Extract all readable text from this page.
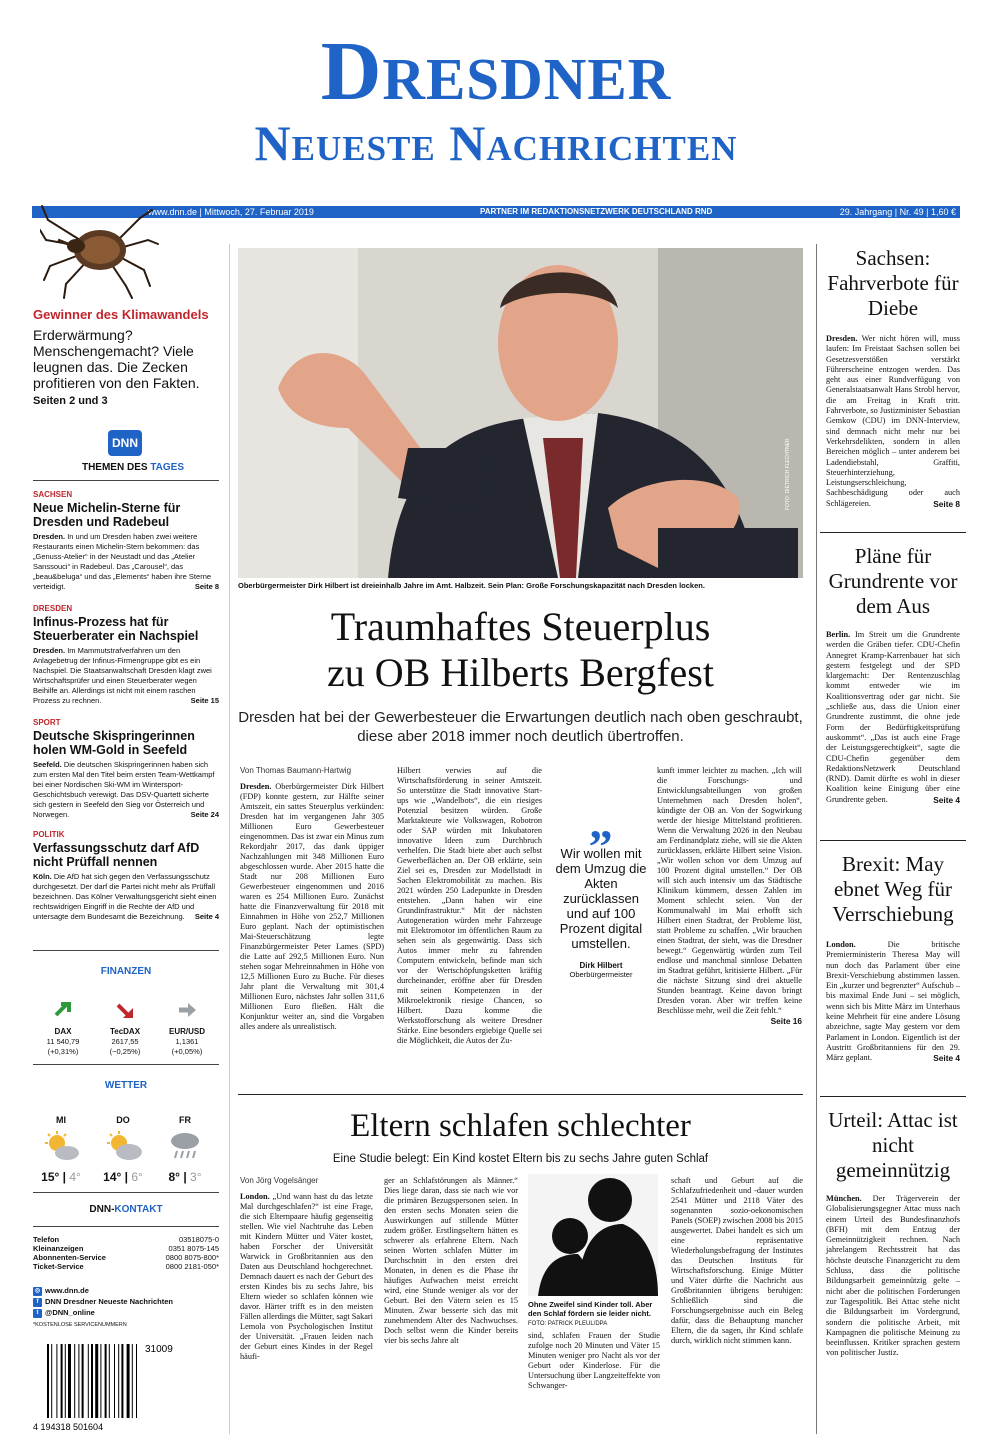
Dresdner
Neueste Nachrichten
www.dnn.de | Mittwoch, 27. Februar 2019	PARTNER IM REDAKTIONSNETZWERK DEUTSCHLAND RND	29. Jahrgang | Nr. 49 | 1,60 €
Gewinner des Klimawandels
Erderwärmung? Menschengemacht? Viele leugnen das. Die Zecken profitieren von den Fakten. Seiten 2 und 3
DNN
THEMEN DES TAGES
SACHSEN
Neue Michelin-Sterne für Dresden und Radebeul
Dresden. In und um Dresden haben zwei weitere Restaurants einen Michelin-Stern bekommen: das „Genuss-Atelier“ in der Neustadt und das „Atelier Sanssouci“ in Radebeul. Das „Carousel“, das „beau&beluga“ und das „Elements“ haben ihre Sterne verteidigt.	Seite 8
DRESDEN
Infinus-Prozess hat für Steuerberater ein Nachspiel
Dresden. Im Mammutstrafverfahren um den Anlagebetrug der Infinus-Firmengruppe gibt es ein Nachspiel. Die Staatsanwaltschaft Dresden klagt zwei Wirtschaftsprüfer und einen Steuerberater wegen Beihilfe an. Allerdings ist nicht mit einem raschen Prozess zu rechnen.	Seite 15
SPORT
Deutsche Skispringerinnen holen WM-Gold in Seefeld
Seefeld. Die deutschen Skispringerinnen haben sich zum ersten Mal den Titel beim ersten Team-Wettkampf bei einer Nordischen Ski-WM im Wintersport-Geschichtsbuch verewigt. Das DSV-Quartett sicherte sich gestern in Seefeld den Sieg vor Österreich und Norwegen.	Seite 24
POLITIK
Verfassungsschutz darf AfD nicht Prüffall nennen
Köln. Die AfD hat sich gegen den Verfassungsschutz durchgesetzt. Der darf die Partei nicht mehr als Prüffall bezeichnen. Das Kölner Verwaltungsgericht sieht einen rechtswidrigen Eingriff in die Rechte der AfD und untersagte dem Bundesamt die Bezeichnung. Seite 4
FINANZEN
DAX
11 540,79
(+0,31%)
TecDAX
2617,55
(−0,25%)
EUR/USD
1,1361
(+0,05%)
WETTER
MI
15° | 4°
DO
14° | 6°
FR
8° | 3°
DNN-KONTAKT
Telefon	03518075-0
Kleinanzeigen	0351 8075-145
Abonnenten-Service	0800 8075-800*
Ticket-Service	0800 2181-050*
◎ www.dnn.de
f DNN Dresdner Neueste Nachrichten
t @DNN_online
*KOSTENLOSE SERVICENUMMERN
31009
4 194318 501604
FOTO: DIETRICH FLECHTNER
Oberbürgermeister Dirk Hilbert ist dreieinhalb Jahre im Amt. Halbzeit. Sein Plan: Große Forschungskapazität nach Dresden locken.
Traumhaftes Steuerplus
zu OB Hilberts Bergfest
Dresden hat bei der Gewerbesteuer die Erwartungen deutlich nach oben geschraubt, diese aber 2018 immer noch deutlich übertroffen.
Von Thomas Baumann-Hartwig
Dresden. Oberbürgermeister Dirk Hilbert (FDP) konnte gestern, zur Hälfte seiner Amtszeit, ein sattes Steuerplus verkünden: Dresden hat im vergangenen Jahr 305 Millionen Euro Gewerbesteuer eingenommen. Das ist zwar ein Minus zum Rekordjahr 2017, das dank üppiger Nachzahlungen mit 348 Millionen Euro abgeschlossen wurde. Aber 2015 hatte die Stadt nur 208 Millionen Euro Gewerbesteuer eingenommen und 2016 waren es 254 Millionen Euro. Zunächst hatte die Finanzverwaltung für 2018 mit Einnahmen in Höhe von 252,7 Millionen Euro geplant. Nach der optimistischen Mai-Steuerschätzung legte Finanzbürgermeister Peter Lames (SPD) die Latte auf 292,5 Millionen Euro. Nun stehen sogar Mehreinnahmen in Höhe von 12,5 Millionen Euro zu Buche. Für dieses Jahr plant die Verwaltung mit 301,4 Millionen Euro, nächstes Jahr sollen 311,6 Millionen Euro fließen. Hält die Konjunktur weiter an, sind die Vorgaben alles andere als unrealistisch.
Hilbert verwies auf die Wirtschaftsförderung in seiner Amtszeit. So unterstütze die Stadt innovative Start-ups wie „Wandelbots“, die ein riesiges Potenzial besitzen würden. Große Marktakteure wie Volkswagen, Robotron oder SAP würden mit Inkubatoren innovative Ideen zum Durchbruch verhelfen. Die Stadt biete aber auch selbst Gewerbeflächen an. Der OB erklärte, sein Ziel sei es, Dresden zur Modellstadt in Sachen Elektromobilität zu machen. Bis 2021 würden 250 Ladepunkte in Dresden entstehen. „Dann haben wir eine Grundinfrastruktur.“ Mit der nächsten Autogeneration würden mehr Fahrzeuge mit Elektromotor im öffentlichen Raum zu sehen sein als gegenwärtig. Dass sich Autos immer mehr zu fahrenden Computern entwickeln, befinde man sich vor der Wertschöpfungsketten kräftig durcheinander, eröffne aber für Dresden mit seinen Kompetenzen in der Mikroelektronik riesige Chancen, so Hilbert. Dazu komme die Werkstofforschung als weitere Dresdner Stärke. Eine besonders ergiebige Quelle sei die Möglichkeit, die Autos der Zu-
„
Wir wollen mit dem Umzug die Akten zurücklassen und auf 100 Prozent digital umstellen.
Dirk Hilbert
Oberbürgermeister
kunft immer leichter zu machen. „Ich will die Forschungs- und Entwicklungsabteilungen von großen Unternehmen nach Dresden holen“, kündigte der OB an. Von der Sogwirkung werde der hiesige Mittelstand profitieren. Wenn die Verwaltung 2026 in den Neubau am Ferdinandplatz ziehe, will sie die Akten zurücklassen, erklärte Hilbert seine Vision. „Wir wollen schon vor dem Umzug auf 100 Prozent digital umstellen.“ Der OB will sich auch intensiv um das Städtische Klinikum kümmern, dessen Zahlen im Moment schlecht seien. Von der Kommunalwahl im Mai erhofft sich Hilbert einen Stadtrat, der Probleme löst, statt Probleme zu schaffen. „Wir brauchen einen Stadtrat, der sieht, was die Dresdner bewegt.“ Gegenwärtig würden zum Teil endlose und manchmal sinnlose Debatten im Stadtrat geführt, kritisierte Hilbert. „Für die nächste Sitzung sind drei aktuelle Stunden beantragt. Keine davon bringt Dresden voran. Aber wir treffen keine Beschlüsse mehr, weil die Zeit fehlt.“
Seite 16
Eltern schlafen schlechter
Eine Studie belegt: Ein Kind kostet Eltern bis zu sechs Jahre guten Schlaf
Von Jörg Vogelsänger
London. „Und wann hast du das letzte Mal durchgeschlafen?“ ist eine Frage, die sich Elternpaare häufig gegenseitig stellen. Wie viel Nachtruhe das Leben mit Kindern Mütter und Väter kostet, haben Forscher der Universität Warwick in Großbritannien aus den Daten aus Deutschland hochgerechnet. Demnach dauert es nach der Geburt des ersten Kindes bis zu sechs Jahre, bis Eltern wieder so schlafen können wie davor. Härter trifft es in den meisten Fällen allerdings die Mütter, sagt Sakari Lemola von Psychologischen Institut der Universität. „Frauen leiden nach der Geburt eines Kindes in der Regel häufi-
ger an Schlafstörungen als Männer.“ Dies liege daran, dass sie nach wie vor die primären Bezugspersonen seien. In den ersten sechs Monaten seien die Auswirkungen auf stillende Mütter zudem größer. Erstlingseltern hätten es schwerer als erfahrene Eltern. Nach seinen Worten schlafen Mütter im Durchschnitt in den ersten drei Monaten, in denen es die Phase ihr häufiges Aufwachen meist erreicht wird, eine Stunde weniger als vor der Geburt. Bei den Vätern seien es 15 Minuten. Zwar besserte sich das mit zunehmendem Alter des Nachwuchses. Doch selbst wenn die Kinder bereits vier bis sechs Jahre alt
Ohne Zweifel sind Kinder toll. Aber den Schlaf fördern sie leider nicht.
FOTO: PATRICK PLEUL/DPA
sind, schlafen Frauen der Studie zufolge noch 20 Minuten und Väter 15 Minuten weniger pro Nacht als vor der Geburt oder Kinderlose. Für die Untersuchung über Langzeiteffekte von Schwanger-
schaft und Geburt auf die Schlafzufriedenheit und -dauer wurden 2541 Mütter und 2118 Väter des sogenannten sozio-oekonomischen Panels (SOEP) zwischen 2008 bis 2015 ausgewertet. Dabei handelt es sich um eine repräsentative Wiederholungsbefragung der Institutes das Deutschen Instituts für Wirtschaftsforschung. Einige Mütter und Väter dürfte die Nachricht aus Großbritannien übrigens beruhigen: Schließlich sind die Forschungsergebnisse auch ein Beleg dafür, dass die Behauptung mancher Eltern, die da sagen, ihr Kind schlafe durch, wirklich nicht stimmen kann.
Sachsen: Fahrverbote für Diebe
Dresden. Wer nicht hören will, muss laufen: Im Freistaat Sachsen sollen bei Gesetzesverstößen verstärkt Führerscheine entzogen werden. Das geht aus einer Rundverfügung von Generalstaatsanwalt Hans Strobl hervor, die am Freitag in Kraft tritt. Fahrverbote, so Justizminister Sebastian Gemkow (CDU) im DNN-Interview, sind demnach nicht mehr nur bei Verkehrsdelikten, sondern in allen Bereichen möglich – unter anderem bei Ladendiebstahl, Graffiti, Steuerhinterziehung, Leistungserschleichung, Sachbeschädigung oder auch Schlägereien.	Seite 8
Pläne für Grundrente vor dem Aus
Berlin. Im Streit um die Grundrente werden die Gräben tiefer. CDU-Chefin Annegret Kramp-Karrenbauer hat sich gestern festgelegt und der SPD klargemacht: Der Rentenzuschlag kommt entweder wie im Koalitionsvertrag oder gar nicht. Sie „schließe aus, dass die Union einer Grundrente zustimmt, die ohne jede Form der Bedürftigkeitsprüfung auskommt“. „Das ist auch eine Frage der Leistungsgerechtigkeit“, sagte die CDU-Chefin gegenüber dem RedaktionsNetzwerk Deutschland (RND). Damit dürfte es wohl in dieser Koalition keine Einigung über eine Grundrente geben.	Seite 4
Brexit: May ebnet Weg für Verrschiebung
London. Die britische Premierministerin Theresa May will nun doch das Parlament über eine Brexit-Verschiebung abstimmen lassen. Ein „kurzer und begrenzter“ Aufschub – bis maximal Ende Juni – sei möglich, wenn sich bis Mitte März im Unterhaus keine Mehrheit für eine andere Lösung abzeichne, sagte May gestern vor dem Parlament in London. Eigentlich ist der Austritt Großbritanniens für den 29. März geplant.	Seite 4
Urteil: Attac ist nicht gemeinnützig
München. Der Trägerverein der Globalisierungsgegner Attac muss nach einem Urteil des Bundesfinanzhofs (BFH) mit dem Entzug der Gemeinnützigkeit rechnen. Nach jahrelangem Rechtsstreit hat das höchste deutsche Finanzgericht zu dem Schluss, dass die politische Bildungsarbeit gemeinnützig gelte – nicht aber die politischen Forderungen zur Tagespolitik. Bei Attac stehe nicht die Bildungsarbeit im Vordergrund, sondern die politische Arbeit, mit Kampagnen die politische Meinung zu beeinflussen. Kritiker sprachen gestern von politischer Justiz.
